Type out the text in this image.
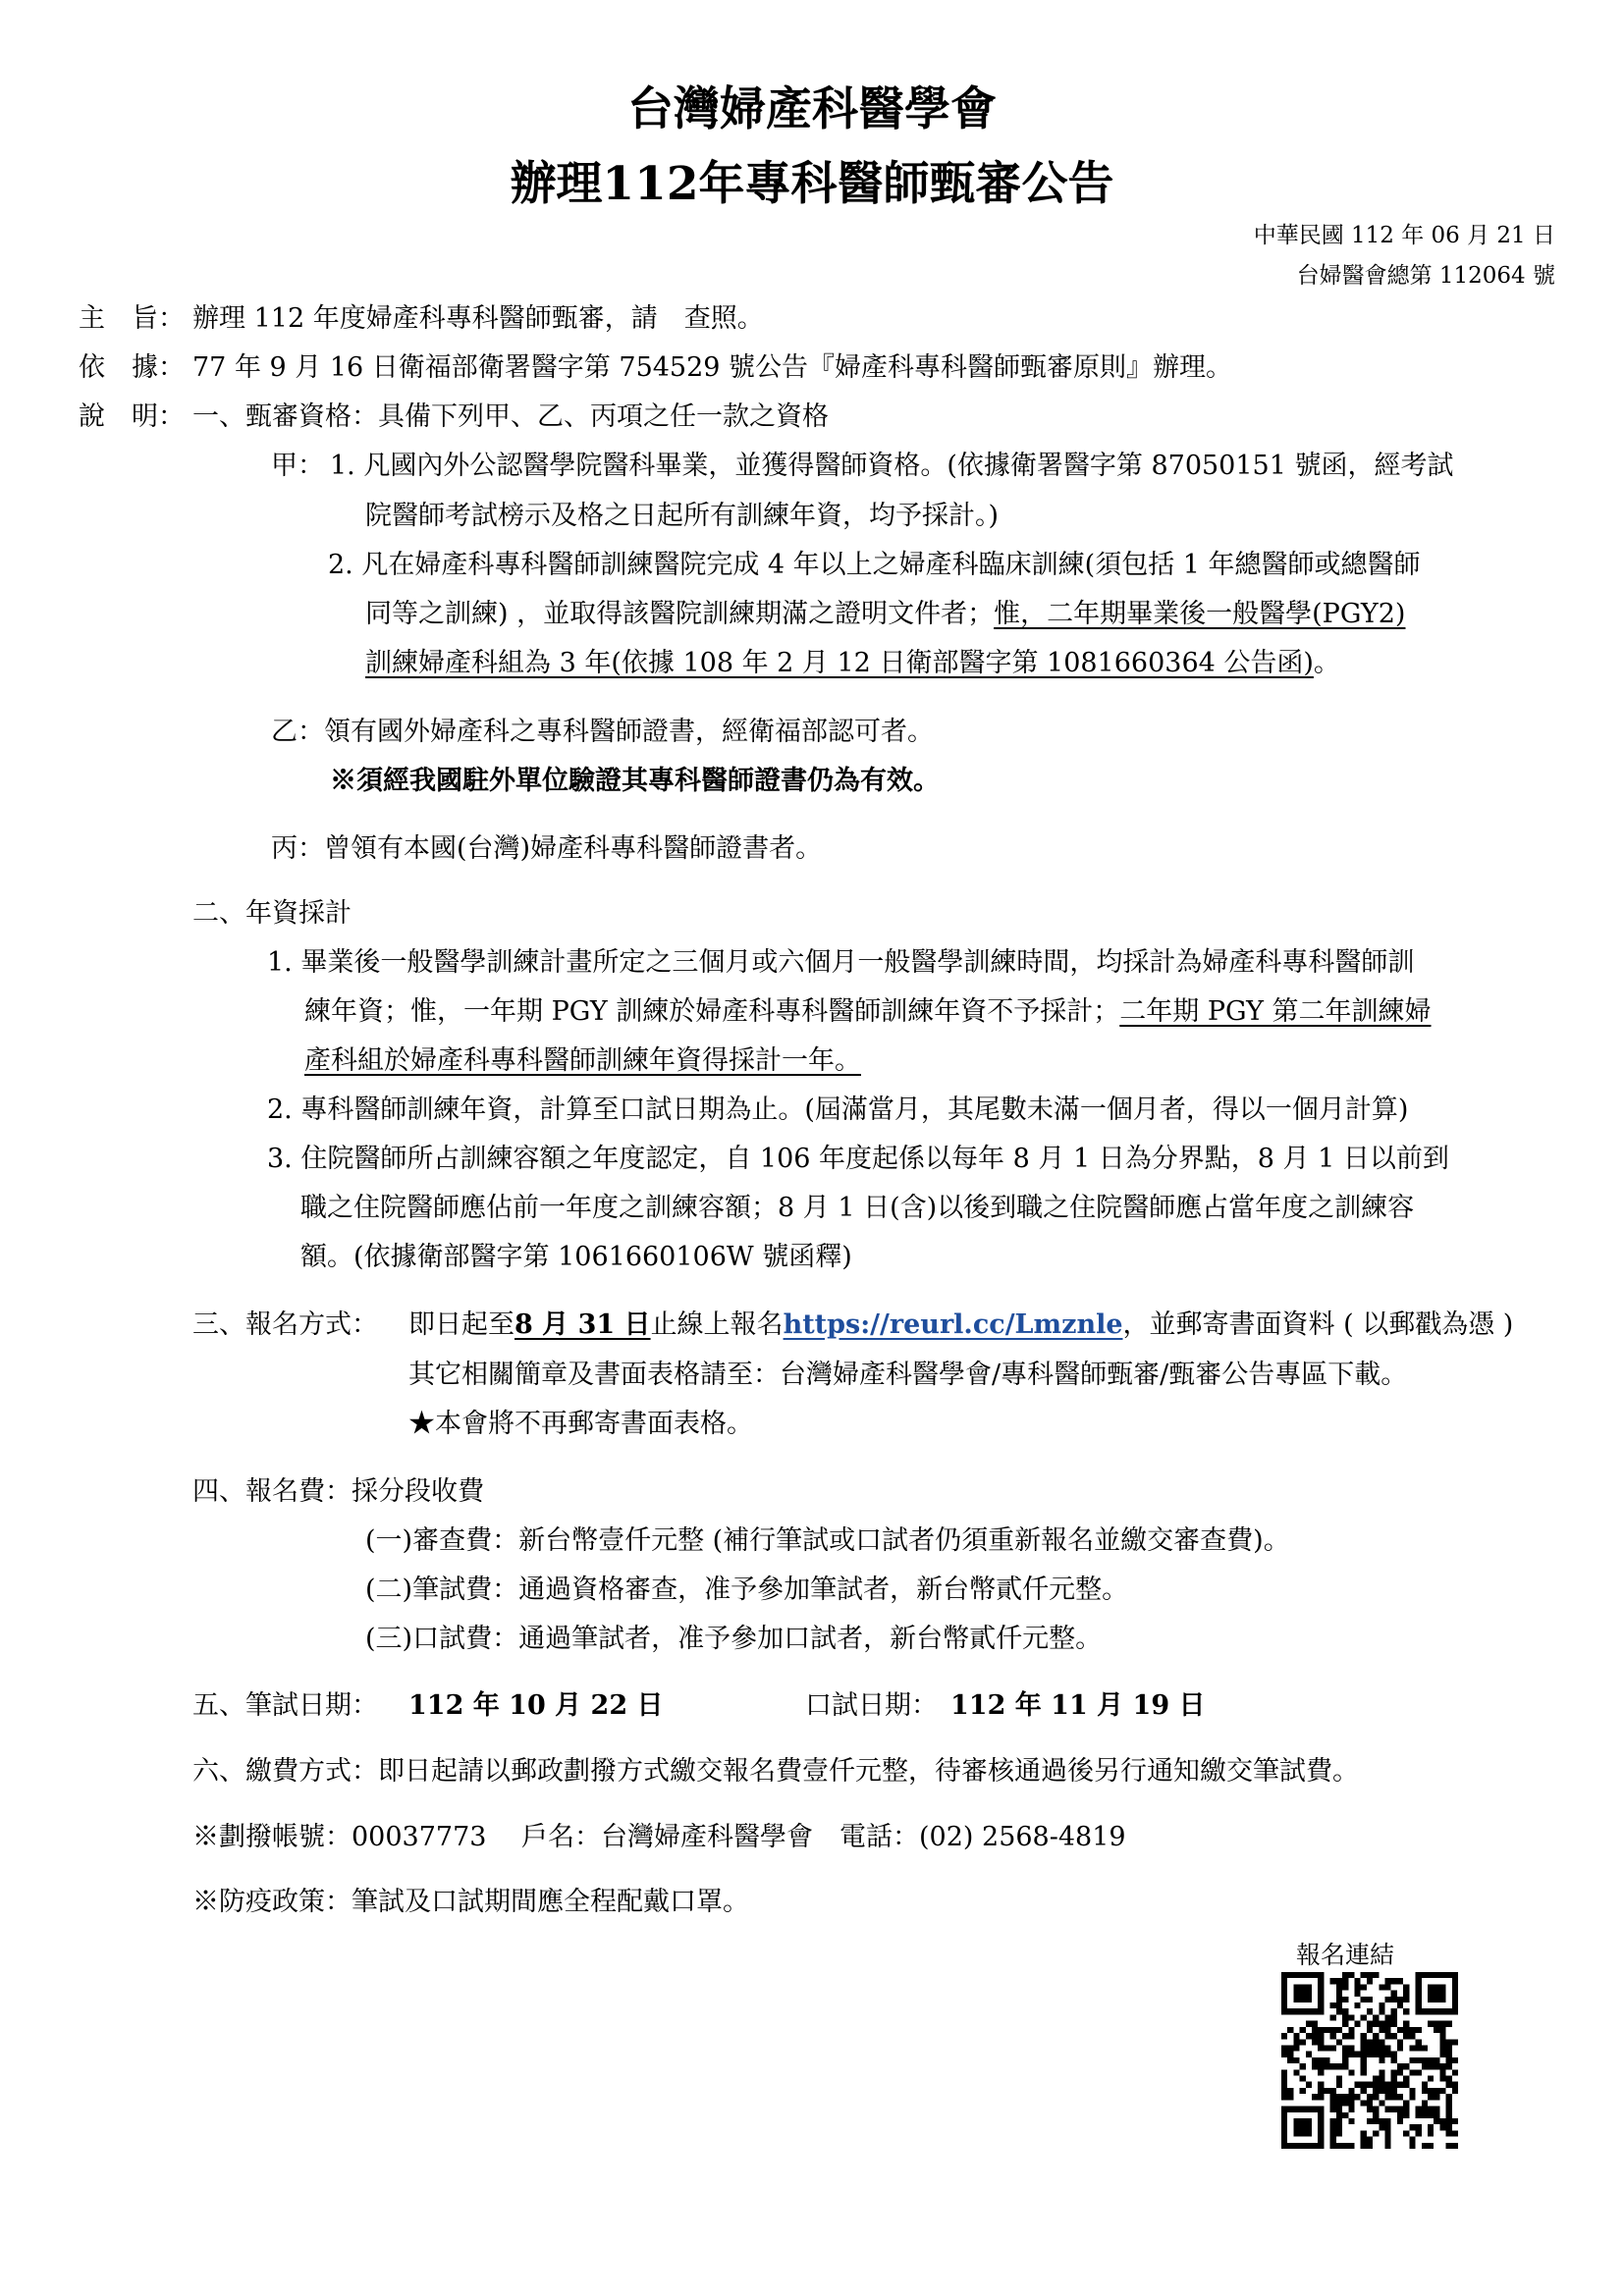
台灣婦產科醫學會
辦理112年專科醫師甄審公告
中華民國 112 年 06 月 21 日
台婦醫會總第 112064 號
主　旨： 辦理 112 年度婦產科專科醫師甄審，請　查照。
依　據： 77 年 9 月 16 日衛福部衛署醫字第 754529 號公告『婦產科專科醫師甄審原則』辦理。
說　明： 一、甄審資格：具備下列甲、乙、丙項之任一款之資格
甲： 1. 凡國內外公認醫學院醫科畢業，並獲得醫師資格。(依據衛署醫字第 87050151 號函，經考試
院醫師考試榜示及格之日起所有訓練年資，均予採計。)
2. 凡在婦產科專科醫師訓練醫院完成 4 年以上之婦產科臨床訓練(須包括 1 年總醫師或總醫師
同等之訓練) ，並取得該醫院訓練期滿之證明文件者；惟，二年期畢業後一般醫學(PGY2)
訓練婦產科組為 3 年(依據 108 年 2 月 12 日衛部醫字第 1081660364 公告函)。
乙：領有國外婦產科之專科醫師證書，經衛福部認可者。
※須經我國駐外單位驗證其專科醫師證書仍為有效。
丙：曾領有本國(台灣)婦產科專科醫師證書者。
二、年資採計
1. 畢業後一般醫學訓練計畫所定之三個月或六個月一般醫學訓練時間，均採計為婦產科專科醫師訓
練年資；惟，一年期 PGY 訓練於婦產科專科醫師訓練年資不予採計；二年期 PGY 第二年訓練婦
產科組於婦產科專科醫師訓練年資得採計一年。
2. 專科醫師訓練年資，計算至口試日期為止。(屆滿當月，其尾數未滿一個月者，得以一個月計算)
3. 住院醫師所占訓練容額之年度認定，自 106 年度起係以每年 8 月 1 日為分界點，8 月 1 日以前到
職之住院醫師應佔前一年度之訓練容額；8 月 1 日(含)以後到職之住院醫師應占當年度之訓練容
額。(依據衛部醫字第 1061660106W 號函釋)
三、報名方式： 即日起至8 月 31 日止線上報名https://reurl.cc/Lmznle，並郵寄書面資料 ( 以郵戳為憑 )
其它相關簡章及書面表格請至：台灣婦產科醫學會/專科醫師甄審/甄審公告專區下載。
★本會將不再郵寄書面表格。
四、報名費：採分段收費
(一)審查費：新台幣壹仟元整 (補行筆試或口試者仍須重新報名並繳交審查費)。
(二)筆試費：通過資格審查，准予參加筆試者，新台幣貳仟元整。
(三)口試費：通過筆試者，准予參加口試者，新台幣貳仟元整。
五、筆試日期： 112 年 10 月 22 日	口試日期： 112 年 11 月 19 日
六、繳費方式：即日起請以郵政劃撥方式繳交報名費壹仟元整，待審核通過後另行通知繳交筆試費。
※劃撥帳號：00037773　 戶名：台灣婦產科醫學會　電話：(02) 2568-4819
※防疫政策：筆試及口試期間應全程配戴口罩。
報名連結
